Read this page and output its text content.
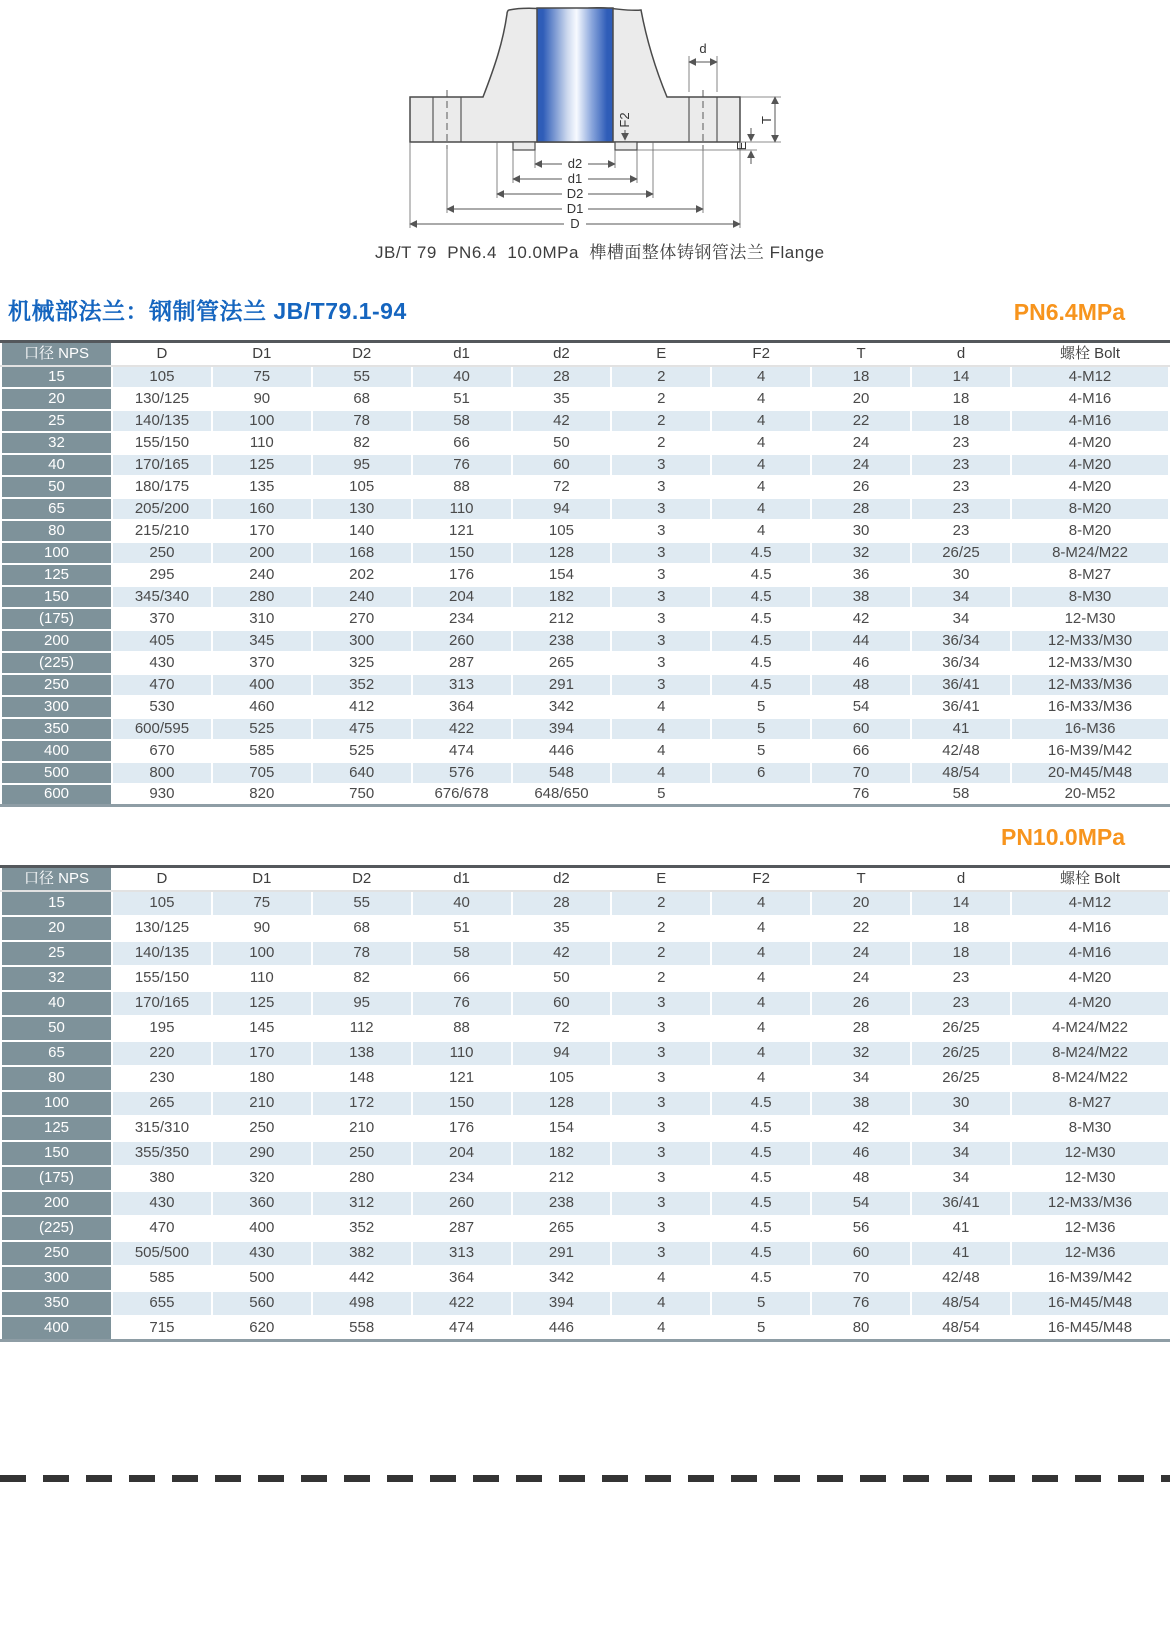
d
F2	T
E
d2
d1
D2
D1
D
JB/T 79  PN6.4  10.0MPa  榫槽面整体铸钢管法兰 Flange
机械部法兰：钢制管法兰 JB/T79.1-94	PN6.4MPa
口径 NPS	D	D1	D2	d1	d2	E	F2	T	d	螺栓 Bolt
15	105	75	55	40	28	2	4	18	14	4-M12
20	130/125	90	68	51	35	2	4	20	18	4-M16
25	140/135	100	78	58	42	2	4	22	18	4-M16
32	155/150	110	82	66	50	2	4	24	23	4-M20
40	170/165	125	95	76	60	3	4	24	23	4-M20
50	180/175	135	105	88	72	3	4	26	23	4-M20
65	205/200	160	130	110	94	3	4	28	23	8-M20
80	215/210	170	140	121	105	3	4	30	23	8-M20
100	250	200	168	150	128	3	4.5	32	26/25	8-M24/M22
125	295	240	202	176	154	3	4.5	36	30	8-M27
150	345/340	280	240	204	182	3	4.5	38	34	8-M30
(175)	370	310	270	234	212	3	4.5	42	34	12-M30
200	405	345	300	260	238	3	4.5	44	36/34	12-M33/M30
(225)	430	370	325	287	265	3	4.5	46	36/34	12-M33/M30
250	470	400	352	313	291	3	4.5	48	36/41	12-M33/M36
300	530	460	412	364	342	4	5	54	36/41	16-M33/M36
350	600/595	525	475	422	394	4	5	60	41	16-M36
400	670	585	525	474	446	4	5	66	42/48	16-M39/M42
500	800	705	640	576	548	4	6	70	48/54	20-M45/M48
600	930	820	750	676/678	648/650	5		76	58	20-M52
PN10.0MPa
口径 NPS	D	D1	D2	d1	d2	E	F2	T	d	螺栓 Bolt
15	105	75	55	40	28	2	4	20	14	4-M12
20	130/125	90	68	51	35	2	4	22	18	4-M16
25	140/135	100	78	58	42	2	4	24	18	4-M16
32	155/150	110	82	66	50	2	4	24	23	4-M20
40	170/165	125	95	76	60	3	4	26	23	4-M20
50	195	145	112	88	72	3	4	28	26/25	4-M24/M22
65	220	170	138	110	94	3	4	32	26/25	8-M24/M22
80	230	180	148	121	105	3	4	34	26/25	8-M24/M22
100	265	210	172	150	128	3	4.5	38	30	8-M27
125	315/310	250	210	176	154	3	4.5	42	34	8-M30
150	355/350	290	250	204	182	3	4.5	46	34	12-M30
(175)	380	320	280	234	212	3	4.5	48	34	12-M30
200	430	360	312	260	238	3	4.5	54	36/41	12-M33/M36
(225)	470	400	352	287	265	3	4.5	56	41	12-M36
250	505/500	430	382	313	291	3	4.5	60	41	12-M36
300	585	500	442	364	342	4	4.5	70	42/48	16-M39/M42
350	655	560	498	422	394	4	5	76	48/54	16-M45/M48
400	715	620	558	474	446	4	5	80	48/54	16-M45/M48
